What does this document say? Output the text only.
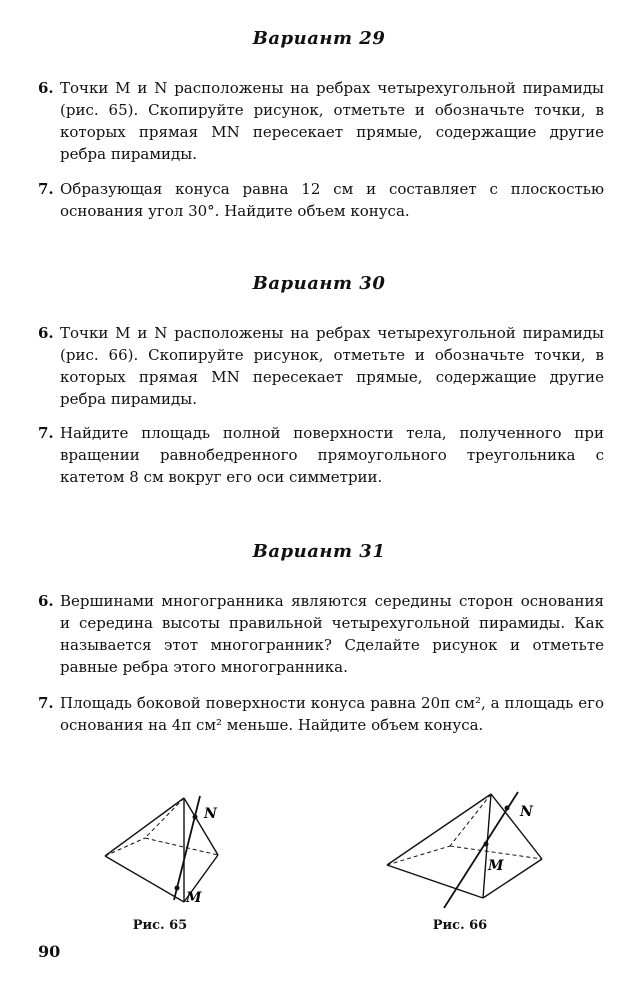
Вариант 29
6. Точки M и N расположены на ребрах четырехугольной пирамиды (рис. 65). Скопируйте рисунок, отметьте и обозначьте точки, в которых прямая MN пересекает прямые, содержащие другие ребра пирамиды.
7. Образующая конуса равна 12 см и составляет с плоскостью основания угол 30°. Найдите объем конуса.
Вариант 30
6. Точки M и N расположены на ребрах четырехугольной пирамиды (рис. 66). Скопируйте рисунок, отметьте и обозначьте точки, в которых прямая MN пересекает прямые, содержащие другие ребра пирамиды.
7. Найдите площадь полной поверхности тела, полученного при вращении равнобедренного прямоугольного треугольника с катетом 8 см вокруг его оси симметрии.
Вариант 31
6. Вершинами многогранника являются середины сторон основания и середина высоты правильной четырехугольной пирамиды. Как называется этот многогранник? Сделайте рисунок и отметьте равные ребра этого многогранника.
7. Площадь боковой поверхности конуса равна 20π см², а площадь его основания на 4π см² меньше. Найдите объем конуса.
N
M
Рис. 65
N
M
Рис. 66
90
